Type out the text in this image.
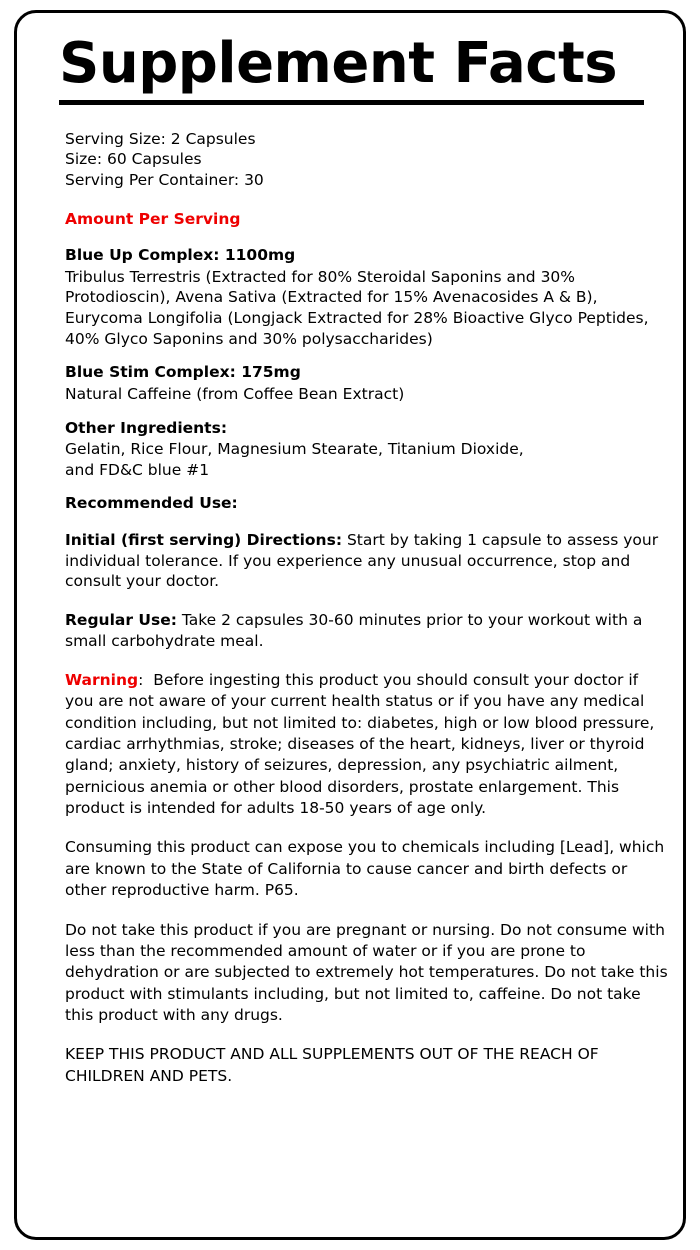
Supplement Facts
Serving Size: 2 Capsules
Size: 60 Capsules
Serving Per Container: 30
Amount Per Serving
Blue Up Complex: 1100mg
Tribulus Terrestris (Extracted for 80% Steroidal Saponins and 30% Protodioscin), Avena Sativa (Extracted for 15% Avenacosides A & B), Eurycoma Longifolia (Longjack Extracted for 28% Bioactive Glyco Peptides, 40% Glyco Saponins and 30% polysaccharides)
Blue Stim Complex: 175mg
Natural Caffeine (from Coffee Bean Extract)
Other Ingredients:
Gelatin, Rice Flour, Magnesium Stearate, Titanium Dioxide,
and FD&C blue #1
Recommended Use:
Initial (first serving) Directions: Start by taking 1 capsule to assess your individual tolerance. If you experience any unusual occurrence, stop and consult your doctor.
Regular Use: Take 2 capsules 30-60 minutes prior to your workout with a small carbohydrate meal.
Warning: Before ingesting this product you should consult your doctor if you are not aware of your current health status or if you have any medical condition including, but not limited to: diabetes, high or low blood pressure, cardiac arrhythmias, stroke; diseases of the heart, kidneys, liver or thyroid gland; anxiety, history of seizures, depression, any psychiatric ailment, pernicious anemia or other blood disorders, prostate enlargement. This product is intended for adults 18-50 years of age only.
Consuming this product can expose you to chemicals including [Lead], which are known to the State of California to cause cancer and birth defects or other reproductive harm. P65.
Do not take this product if you are pregnant or nursing. Do not consume with less than the recommended amount of water or if you are prone to dehydration or are subjected to extremely hot temperatures. Do not take this product with stimulants including, but not limited to, caffeine. Do not take this product with any drugs.
KEEP THIS PRODUCT AND ALL SUPPLEMENTS OUT OF THE REACH OF CHILDREN AND PETS.
